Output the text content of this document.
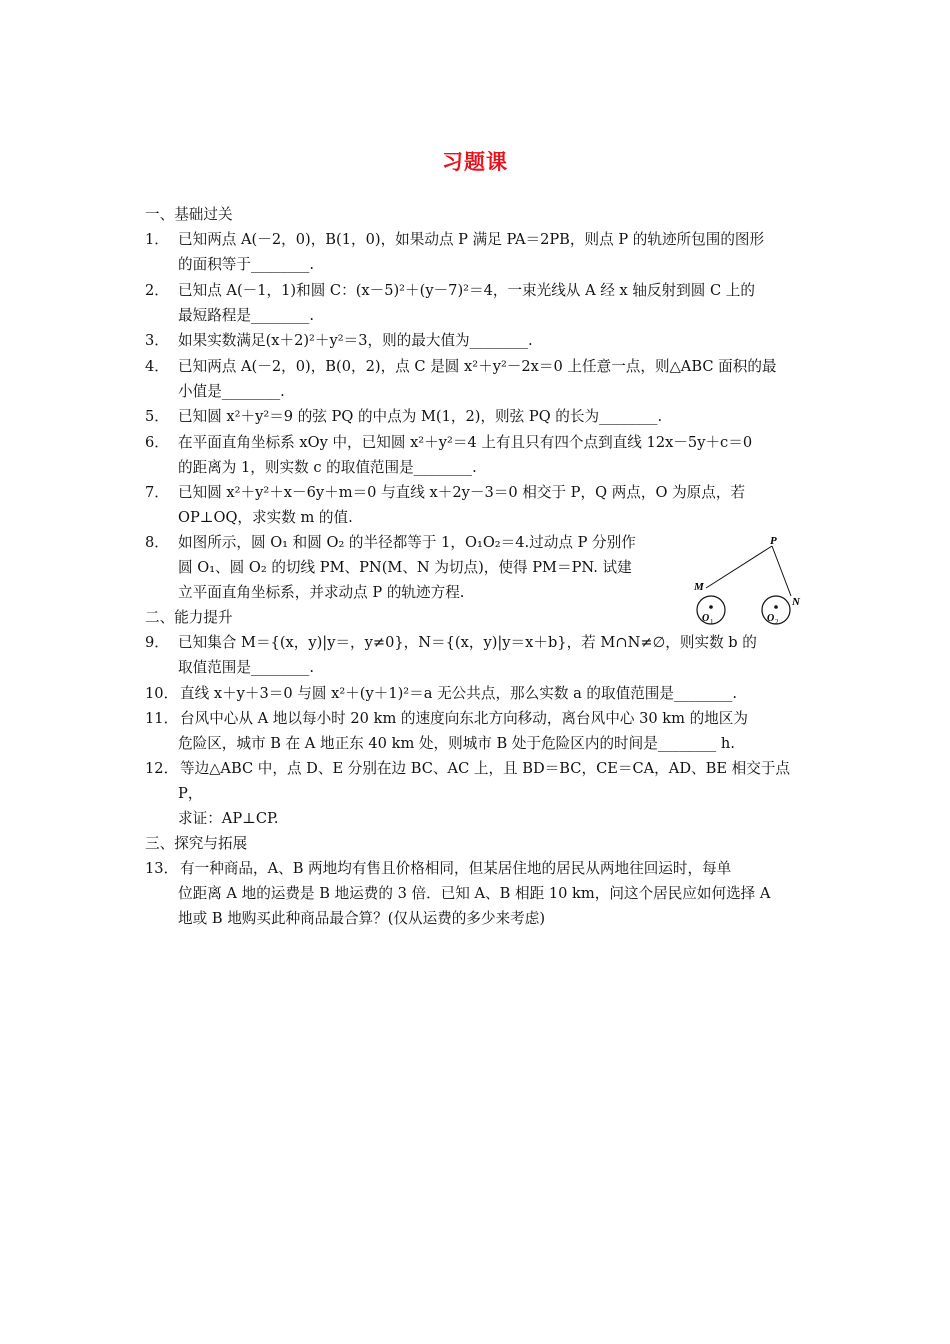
习题课
一、基础过关
1． 已知两点 A(－2，0)，B(1，0)，如果动点 P 满足 PA＝2PB，则点 P 的轨迹所包围的图形
的面积等于________.
2． 已知点 A(－1，1)和圆 C：(x－5)²＋(y－7)²＝4，一束光线从 A 经 x 轴反射到圆 C 上的
最短路程是________.
3． 如果实数满足(x＋2)²＋y²＝3，则的最大值为________.
4． 已知两点 A(－2，0)，B(0，2)，点 C 是圆 x²＋y²－2x＝0 上任意一点，则△ABC 面积的最
小值是________.
5． 已知圆 x²＋y²＝9 的弦 PQ 的中点为 M(1，2)，则弦 PQ 的长为________.
6． 在平面直角坐标系 xOy 中，已知圆 x²＋y²＝4 上有且只有四个点到直线 12x－5y＋c＝0
的距离为 1，则实数 c 的取值范围是________.
7． 已知圆 x²＋y²＋x－6y＋m＝0 与直线 x＋2y－3＝0 相交于 P，Q 两点，O 为原点，若
OP⊥OQ，求实数 m 的值.
8． 如图所示，圆 O₁ 和圆 O₂ 的半径都等于 1，O₁O₂＝4.过动点 P 分别作
圆 O₁、圆 O₂ 的切线 PM、PN(M、N 为切点)，使得 PM＝PN. 试建
立平面直角坐标系，并求动点 P 的轨迹方程.
P
M
N
O 1	O 2
二、能力提升
9． 已知集合 M＝{(x，y)|y＝，y≠0}，N＝{(x，y)|y＝x＋b}，若 M∩N≠∅，则实数 b 的
取值范围是________.
10． 直线 x＋y＋3＝0 与圆 x²＋(y＋1)²＝a 无公共点，那么实数 a 的取值范围是________.
11． 台风中心从 A 地以每小时 20 km 的速度向东北方向移动，离台风中心 30 km 的地区为
危险区，城市 B 在 A 地正东 40 km 处，则城市 B 处于危险区内的时间是________ h.
12． 等边△ABC 中，点 D、E 分别在边 BC、AC 上，且 BD＝BC，CE＝CA，AD、BE 相交于点
P，
求证：AP⊥CP.
三、探究与拓展
13． 有一种商品，A、B 两地均有售且价格相同，但某居住地的居民从两地往回运时，每单
位距离 A 地的运费是 B 地运费的 3 倍．已知 A、B 相距 10 km，问这个居民应如何选择 A
地或 B 地购买此种商品最合算？(仅从运费的多少来考虑)
